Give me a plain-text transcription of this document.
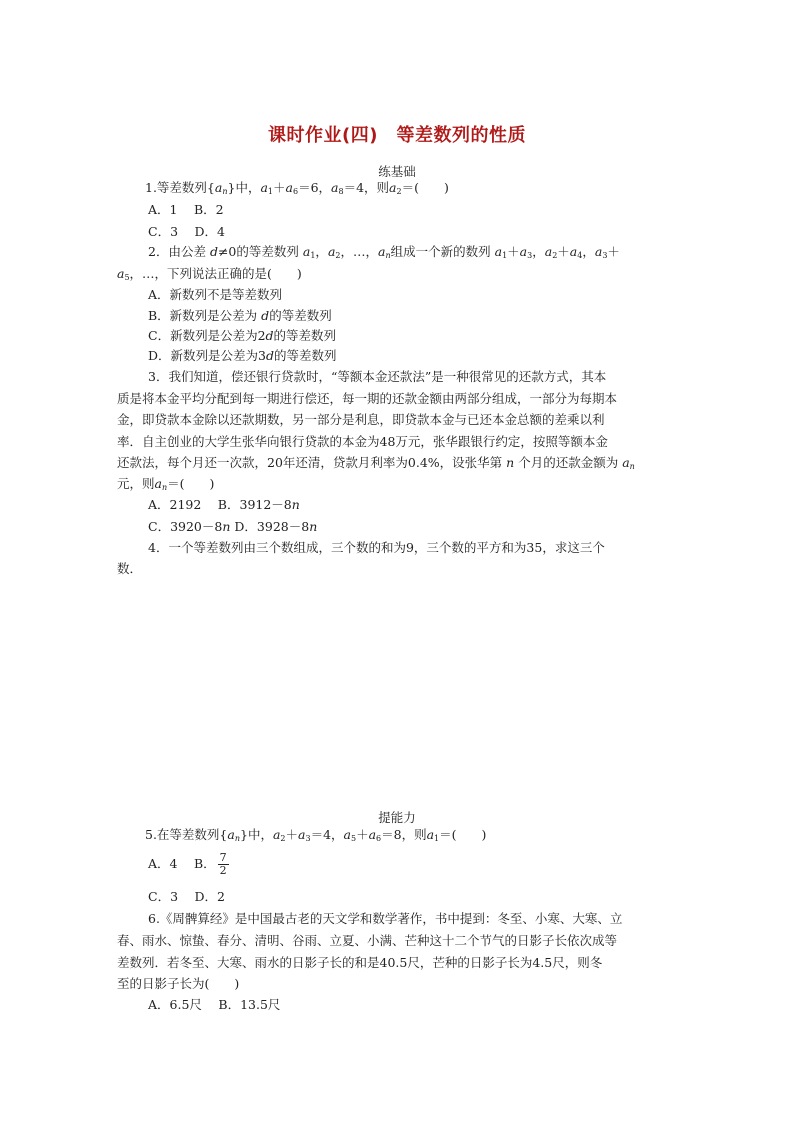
课时作业(四)　等差数列的性质
练基础
1.等差数列$\{a_n\}$中，$a_1+a_6=6$，$a_8=4$，则$a_2=$(　　)
A．1　 B．2
C．3　 D．4
2．由公差 d≠0的等差数列 $a_1$，$a_2$，…，$a_n$组成一个新的数列 $a_1+a_3$，$a_2+a_4$，$a_3+$
$a_5$，…，下列说法正确的是(　　)
A．新数列不是等差数列
B．新数列是公差为 d的等差数列
C．新数列是公差为2d的等差数列
D．新数列是公差为3d的等差数列
3．我们知道，偿还银行贷款时，“等额本金还款法”是一种很常见的还款方式，其本
质是将本金平均分配到每一期进行偿还，每一期的还款金额由两部分组成，一部分为每期本
金，即贷款本金除以还款期数，另一部分是利息，即贷款本金与已还本金总额的差乘以利
率．自主创业的大学生张华向银行贷款的本金为48万元，张华跟银行约定，按照等额本金
还款法，每个月还一次款，20年还清，贷款月利率为0.4%，设张华第 n 个月的还款金额为 $a_n$
元，则$a_n=$(　　)
A．2192　 B．3912－8n
C．3920－8n D．3928－8n
4．一个等差数列由三个数组成，三个数的和为9，三个数的平方和为35，求这三个
数．
提能力
5.在等差数列$\{a_n\}$中，$a_2+a_3=4$，$a_5+a_6=8$，则$a_1=$(　　)
A．4　 B． $\frac{7}{2}$
C．3　 D．2
6.《周髀算经》是中国最古老的天文学和数学著作，书中提到：冬至、小寒、大寒、立
春、雨水、惊蛰、春分、清明、谷雨、立夏、小满、芒种这十二个节气的日影子长依次成等
差数列．若冬至、大寒、雨水的日影子长的和是40.5尺，芒种的日影子长为4.5尺，则冬
至的日影子长为(　　)
A．6.5尺　 B．13.5尺
